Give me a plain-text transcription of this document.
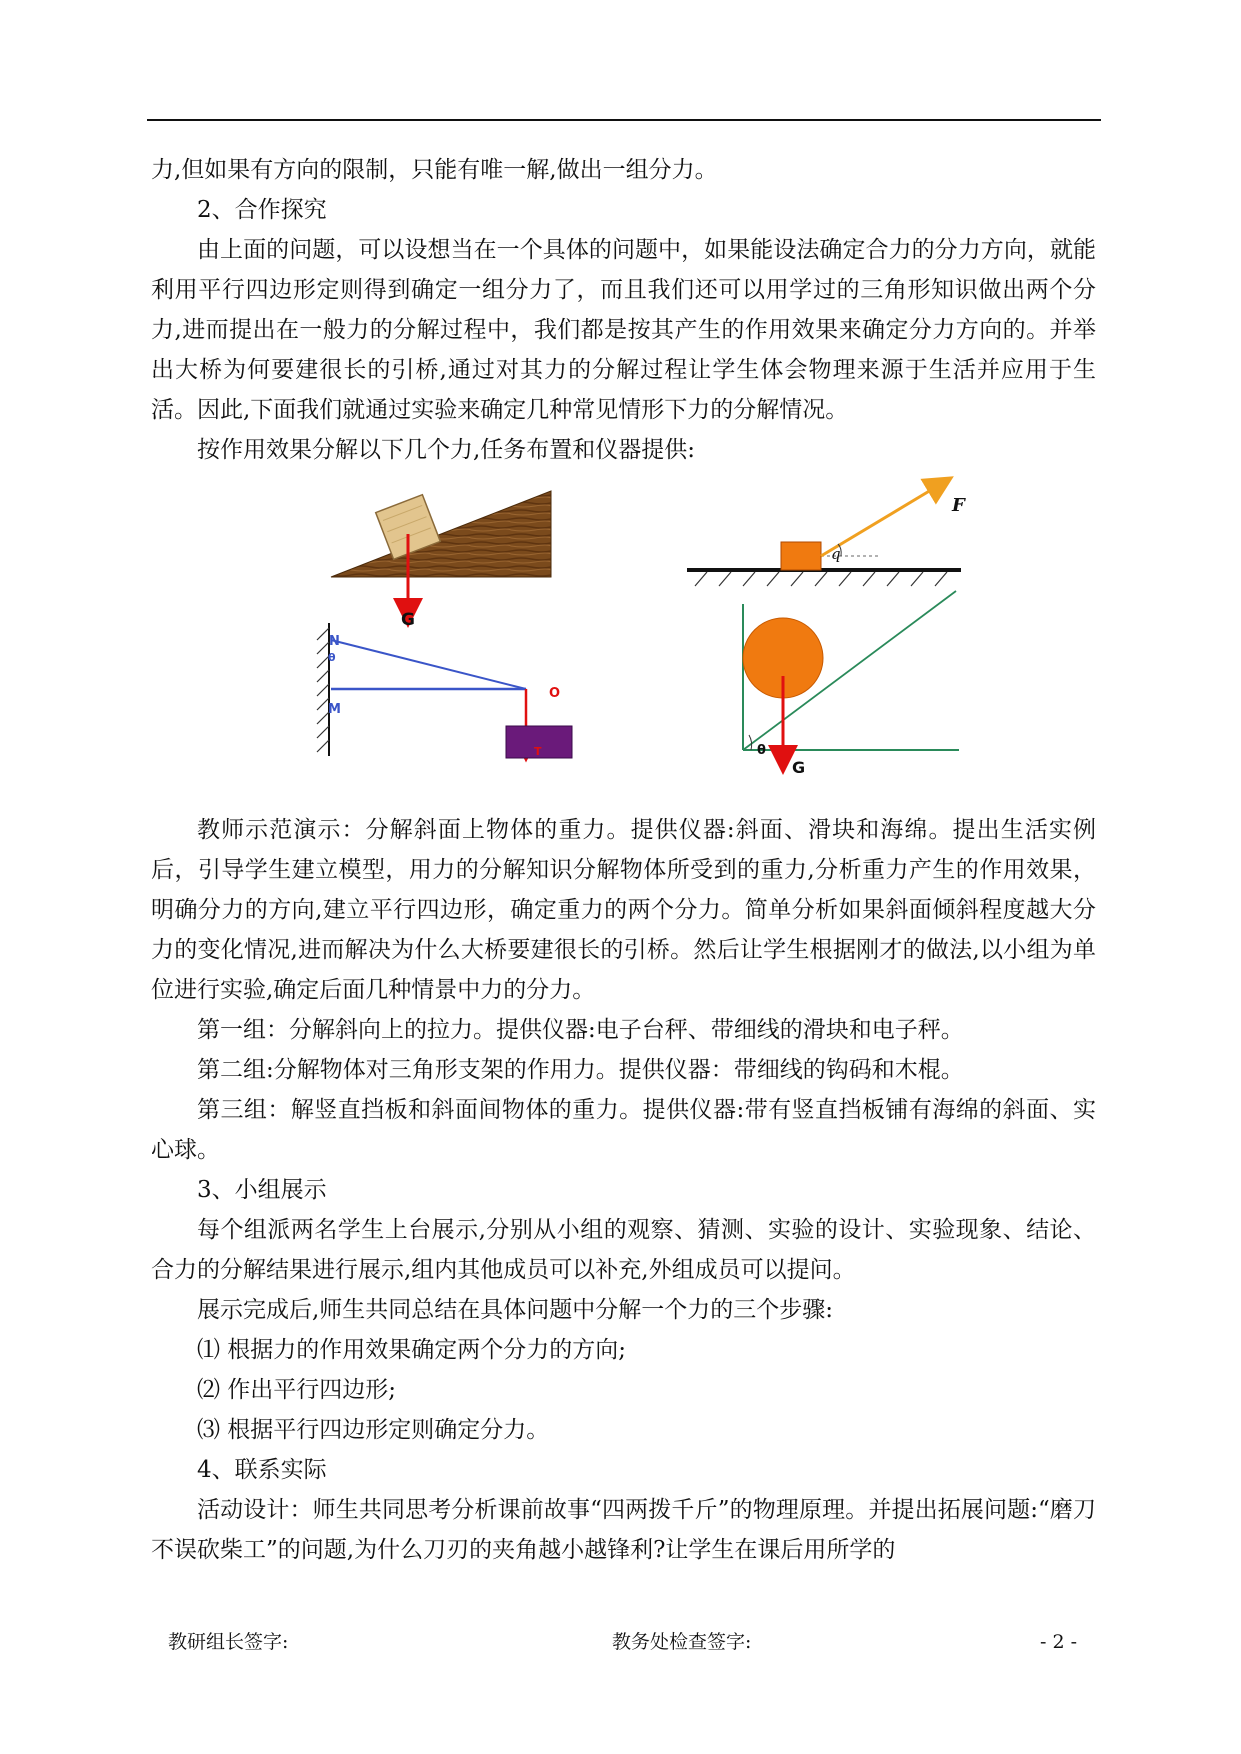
力,但如果有方向的限制，只能有唯一解,做出一组分力。

2、合作探究

由上面的问题，可以设想当在一个具体的问题中，如果能设法确定合力的分力方向，就能利用平行四边形定则得到确定一组分力了，而且我们还可以用学过的三角形知识做出两个分力,进而提出在一般力的分解过程中，我们都是按其产生的作用效果来确定分力方向的。并举出大桥为何要建很长的引桥,通过对其力的分解过程让学生体会物理来源于生活并应用于生活。因此,下面我们就通过实验来确定几种常见情形下力的分解情况。

按作用效果分解以下几个力,任务布置和仪器提供:

G
F
q
N
θ
M
O
T	θ
G

教师示范演示：分解斜面上物体的重力。提供仪器:斜面、滑块和海绵。提出生活实例后，引导学生建立模型，用力的分解知识分解物体所受到的重力,分析重力产生的作用效果，明确分力的方向,建立平行四边形，确定重力的两个分力。简单分析如果斜面倾斜程度越大分力的变化情况,进而解决为什么大桥要建很长的引桥。然后让学生根据刚才的做法,以小组为单位进行实验,确定后面几种情景中力的分力。

第一组：分解斜向上的拉力。提供仪器:电子台秤、带细线的滑块和电子秤。

第二组:分解物体对三角形支架的作用力。提供仪器：带细线的钩码和木棍。

第三组：解竖直挡板和斜面间物体的重力。提供仪器:带有竖直挡板铺有海绵的斜面、实心球。

3、小组展示

每个组派两名学生上台展示,分别从小组的观察、猜测、实验的设计、实验现象、结论、合力的分解结果进行展示,组内其他成员可以补充,外组成员可以提问。

展示完成后,师生共同总结在具体问题中分解一个力的三个步骤:

⑴ 根据力的作用效果确定两个分力的方向;

⑵ 作出平行四边形;

⑶ 根据平行四边形定则确定分力。

4、联系实际

活动设计：师生共同思考分析课前故事“四两拨千斤”的物理原理。并提出拓展问题:“磨刀不误砍柴工”的问题,为什么刀刃的夹角越小越锋利?让学生在课后用所学的

教研组长签字:	教务处检查签字:	- 2 -
